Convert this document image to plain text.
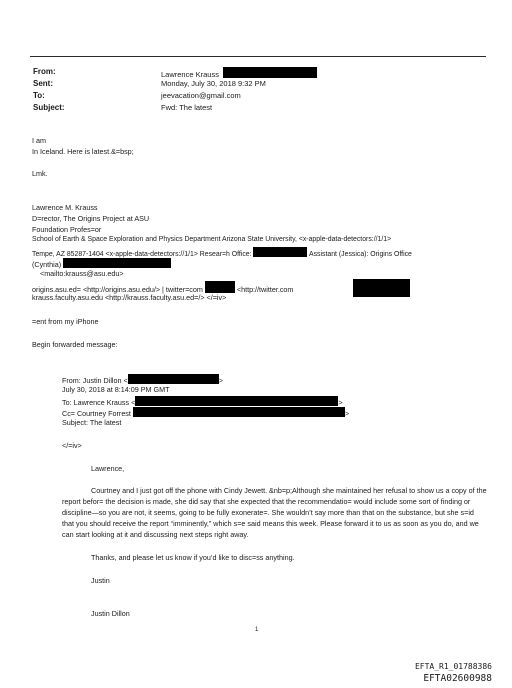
From:	Lawrence Krauss
Sent:	Monday, July 30, 2018 9:32 PM
To:	jeevacation@gmail.com
Subject:	Fwd: The latest
I am
In Iceland. Here is latest.&=bsp;
Lmk.
Lawrence M. Krauss
D=rector, The Origins Project at ASU
Foundation Profes=or
School of Earth & Space Exploration and Physics Department Arizona State University, <x-apple-data-detectors://1/1>
Tempe, AZ 85287-1404 <x-apple-data-detectors://1/1> Resear=h Office:	Assistant (Jessica): Origins Office
(Cynthia)
<mailto:krauss@asu.edu>
origins.asu.ed= <http://origins.asu.edu/> | twitter=com	<http://twitter.com
krauss.faculty.asu.edu <http://krauss.faculty.asu.ed=/> </=iv>
=ent from my iPhone
Begin forwarded message:
From: Justin Dillon <	>
July 30, 2018 at 8:14:09 PM GMT
To: Lawrence Krauss <	>
Cc= Courtney Forrest	>
Subject: The latest
</=iv>
Lawrence,
Courtney and I just got off the phone with Cindy Jewett. &nb=p;Although she maintained her refusal to show us a copy of the report befor= the decision is made, she did say that she expected that the recommendatio= would include some sort of finding or discipline—so you are not, it seems, going to be fully exonerate=. She wouldn’t say more than that on the substance, but she s=id that you should receive the report “imminently,” which s=e said means this week. Please forward it to us as soon as you do, and we can start looking at it and discussing next steps right away.
Thanks, and please let us know if you’d like to disc=ss anything.
Justin
Justin Dillon
1
EFTA_R1_01788386
EFTA02600988
